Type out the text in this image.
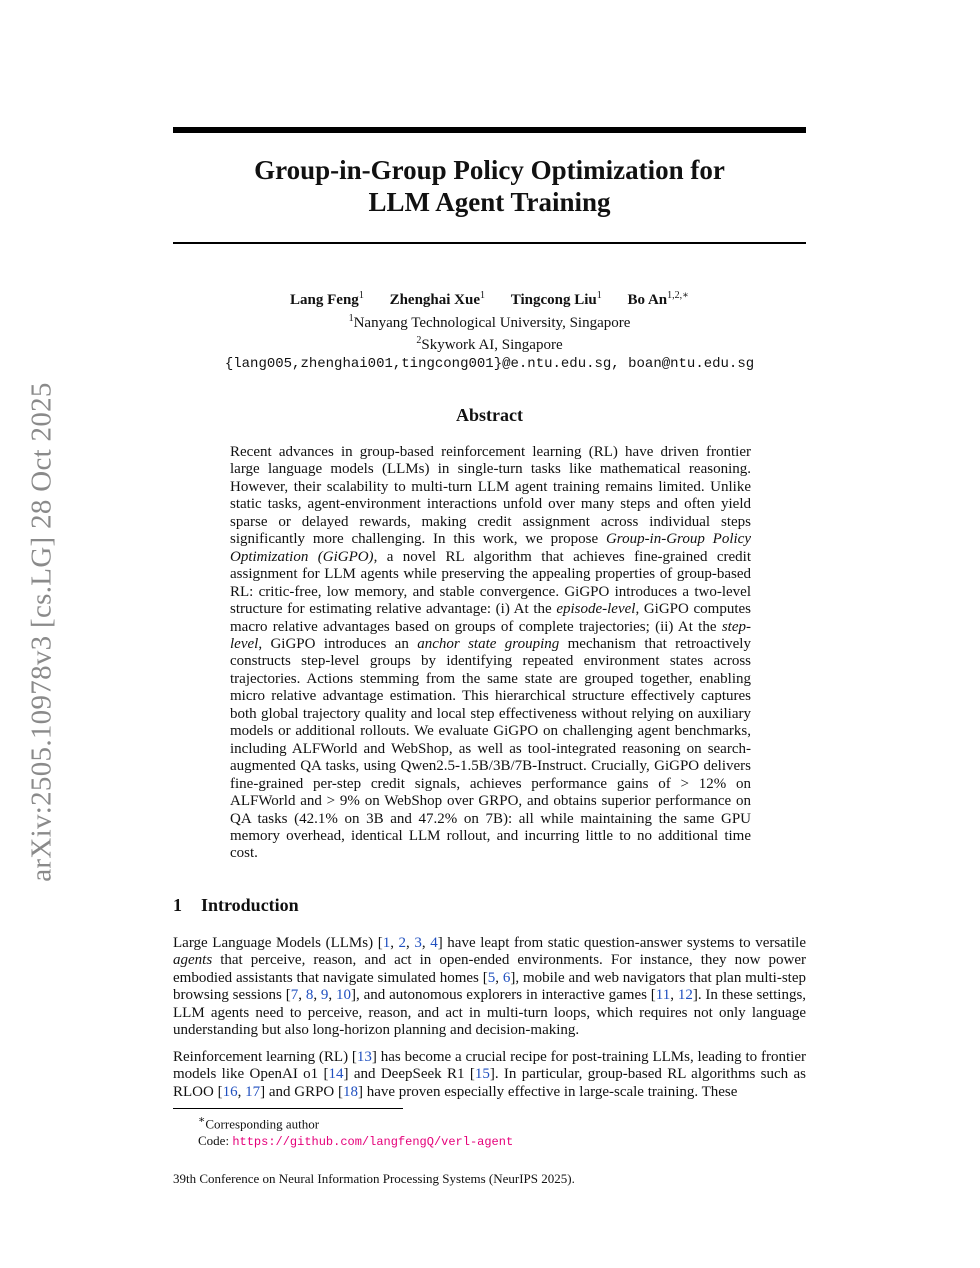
arXiv:2505.10978v3 [cs.LG] 28 Oct 2025
Group-in-Group Policy Optimization for
LLM Agent Training
Lang Feng$^1$ Zhenghai Xue$^1$ Tingcong Liu$^1$ Bo $An^{1,2,∗}$
$^1$Nanyang Technological University, Singapore
$^2$Skywork AI, Singapore
{lang005,zhenghai001,tingcong001}@e.ntu.edu.sg, boan@ntu.edu.sg
Abstract

Recent advances in group-based reinforcement learning (RL) have driven frontier large language models (LLMs) in single-turn tasks like mathematical reasoning. However, their scalability to multi-turn LLM agent training remains limited. Unlike static tasks, agent-environment interactions unfold over many steps and often yield sparse or delayed rewards, making credit assignment across individual steps significantly more challenging. In this work, we propose Group-in-Group Policy Optimization (GiGPO), a novel RL algorithm that achieves fine-grained credit assignment for LLM agents while preserving the appealing properties of group-based RL: critic-free, low memory, and stable convergence. GiGPO introduces a two-level structure for estimating relative advantage: (i) At the episode-level, GiGPO computes macro relative advantages based on groups of complete trajectories; (ii) At the step-level, GiGPO introduces an anchor state grouping mechanism that retroactively constructs step-level groups by identifying repeated environment states across trajectories. Actions stemming from the same state are grouped together, enabling micro relative advantage estimation. This hierarchical structure effectively captures both global trajectory quality and local step effectiveness without relying on auxiliary models or additional rollouts. We evaluate GiGPO on challenging agent benchmarks, including ALFWorld and WebShop, as well as tool-integrated reasoning on search-augmented QA tasks, using Qwen2.5-1.5B/3B/7B-Instruct. Crucially, GiGPO delivers fine-grained per-step credit signals, achieves performance gains of > 12% on ALFWorld and > 9% on WebShop over GRPO, and obtains superior performance on QA tasks (42.1% on 3B and 47.2% on 7B): all while maintaining the same GPU memory overhead, identical LLM rollout, and incurring little to no additional time cost.

1 Introduction

Large Language Models (LLMs) [1, 2, 3, 4] have leapt from static question-answer systems to versatile agents that perceive, reason, and act in open-ended environments. For instance, they now power embodied assistants that navigate simulated homes [5, 6], mobile and web navigators that plan multi-step browsing sessions [7, 8, 9, 10], and autonomous explorers in interactive games [11, 12]. In these settings, LLM agents need to perceive, reason, and act in multi-turn loops, which requires not only language understanding but also long-horizon planning and decision-making.

Reinforcement learning (RL) [13] has become a crucial recipe for post-training LLMs, leading to frontier models like OpenAI o1 [14] and DeepSeek R1 [15]. In particular, group-based RL algorithms such as RLOO [16, 17] and GRPO [18] have proven especially effective in large-scale training. These

∗Corresponding author
Code: https://github.com/langfengQ/verl-agent
39th Conference on Neural Information Processing Systems (NeurIPS 2025).
